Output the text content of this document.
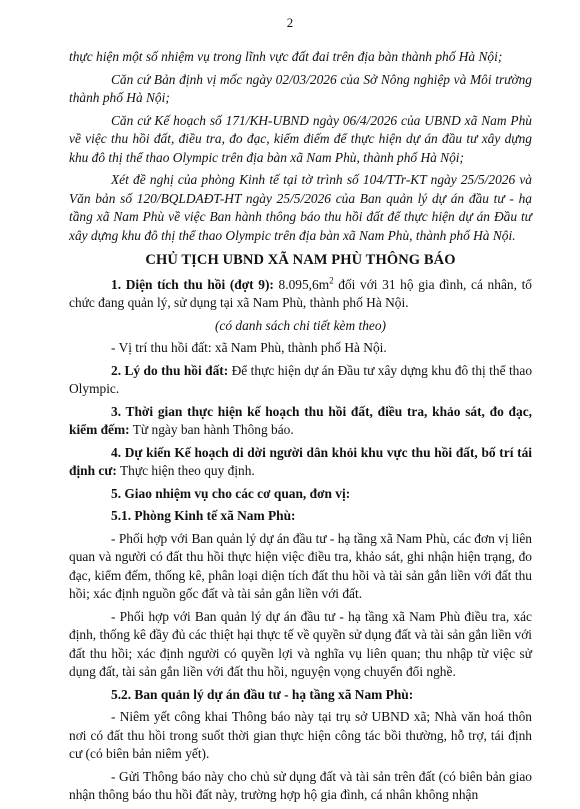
2

thực hiện một số nhiệm vụ trong lĩnh vực đất đai trên địa bàn thành phố Hà Nội;

Căn cứ Bản định vị mốc ngày 02/03/2026 của Sở Nông nghiệp và Môi trường thành phố Hà Nội;

Căn cứ Kế hoạch số 171/KH-UBND ngày 06/4/2026 của UBND xã Nam Phù về việc thu hồi đất, điều tra, đo đạc, kiểm điếm để thực hiện dự án đầu tư xây dựng khu đô thị thể thao Olympic trên địa bàn xã Nam Phù, thành phố Hà Nội;

Xét đề nghị của phòng Kinh tế tại tờ trình số 104/TTr-KT ngày 25/5/2026 và Văn bản số 120/BQLDAĐT-HT ngày 25/5/2026 của Ban quản lý dự án đầu tư - hạ tầng xã Nam Phù về việc Ban hành thông báo thu hồi đất để thực hiện dự án Đầu tư xây dựng khu đô thị thể thao Olympic trên địa bàn xã Nam Phù, thành phố Hà Nội.

CHỦ TỊCH UBND XÃ NAM PHÙ THÔNG BÁO

1. Diện tích thu hồi (đợt 9): $8.095,6m^2$ đối với 31 hộ gia đình, cá nhân, tổ chức đang quản lý, sử dụng tại xã Nam Phù, thành phố Hà Nội.

(có danh sách chi tiết kèm theo)

- Vị trí thu hồi đất: xã Nam Phù, thành phố Hà Nội.

2. Lý do thu hồi đất: Để thực hiện dự án Đầu tư xây dựng khu đô thị thể thao Olympic.

3. Thời gian thực hiện kế hoạch thu hồi đất, điều tra, khảo sát, đo đạc, kiểm đếm: Từ ngày ban hành Thông báo.

4. Dự kiến Kế hoạch di dời người dân khỏi khu vực thu hồi đất, bố trí tái định cư: Thực hiện theo quy định.

5. Giao nhiệm vụ cho các cơ quan, đơn vị:

5.1. Phòng Kinh tế xã Nam Phù:

- Phối hợp với Ban quản lý dự án đầu tư - hạ tầng xã Nam Phù, các đơn vị liên quan và người có đất thu hồi thực hiện việc điều tra, khảo sát, ghi nhận hiện trạng, đo đạc, kiểm đếm, thống kê, phân loại diện tích đất thu hồi và tài sản gắn liền với đất thu hồi; xác định nguồn gốc đất và tài sản gắn liền với đất.

- Phối hợp với Ban quản lý dự án đầu tư - hạ tầng xã Nam Phù điều tra, xác định, thống kê đầy đủ các thiệt hại thực tế về quyền sử dụng đất và tài sản gắn liền với đất thu hồi; xác định người có quyền lợi và nghĩa vụ liên quan; thu nhập từ việc sử dụng đất, tài sản gắn liền với đất thu hồi, nguyện vọng chuyển đổi nghề.

5.2. Ban quản lý dự án đầu tư - hạ tầng xã Nam Phù:

- Niêm yết công khai Thông báo này tại trụ sở UBND xã; Nhà văn hoá thôn nơi có đất thu hồi trong suốt thời gian thực hiện công tác bồi thường, hỗ trợ, tái định cư (có biên bản niêm yết).

- Gửi Thông báo này cho chủ sử dụng đất và tài sản trên đất (có biên bản giao nhận thông báo thu hồi đất này, trường hợp hộ gia đình, cá nhân không nhận
